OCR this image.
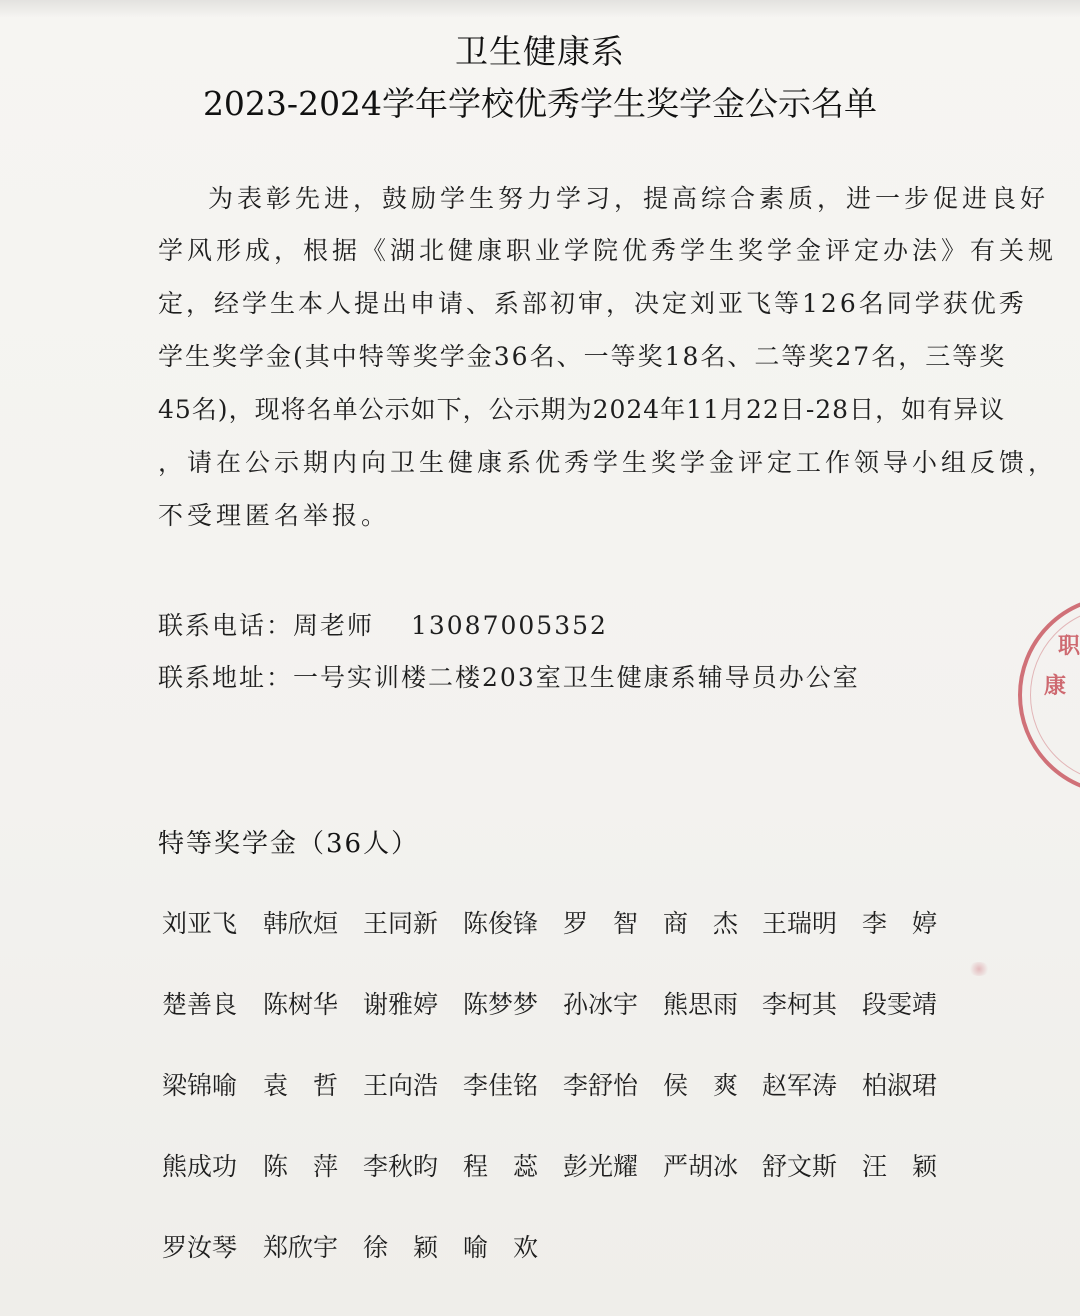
卫生健康系
2023-2024学年学校优秀学生奖学金公示名单
为表彰先进，鼓励学生努力学习，提高综合素质，进一步促进良好
学风形成，根据《湖北健康职业学院优秀学生奖学金评定办法》有关规
定，经学生本人提出申请、系部初审，决定刘亚飞等126名同学获优秀
学生奖学金(其中特等奖学金36名、一等奖18名、二等奖27名，三等奖
45名)，现将名单公示如下，公示期为2024年11月22日-28日，如有异议
，请在公示期内向卫生健康系优秀学生奖学金评定工作领导小组反馈，
不受理匿名举报。
联系电话：周老师　 13087005352
联系地址：一号实训楼二楼203室卫生健康系辅导员办公室
特等奖学金（36人）
刘亚飞 韩欣烜 王同新 陈俊锋 罗　智 商　杰 王瑞明 李　婷
楚善良 陈树华 谢雅婷 陈梦梦 孙冰宇 熊思雨 李柯其 段雯靖
梁锦喻 袁　哲 王向浩 李佳铭 李舒怡 侯　爽 赵军涛 柏淑珺
熊成功 陈　萍 李秋昀 程　蕊 彭光耀 严胡冰 舒文斯 汪　颖
罗汝琴 郑欣宇 徐　颖 喻　欢
康
职
